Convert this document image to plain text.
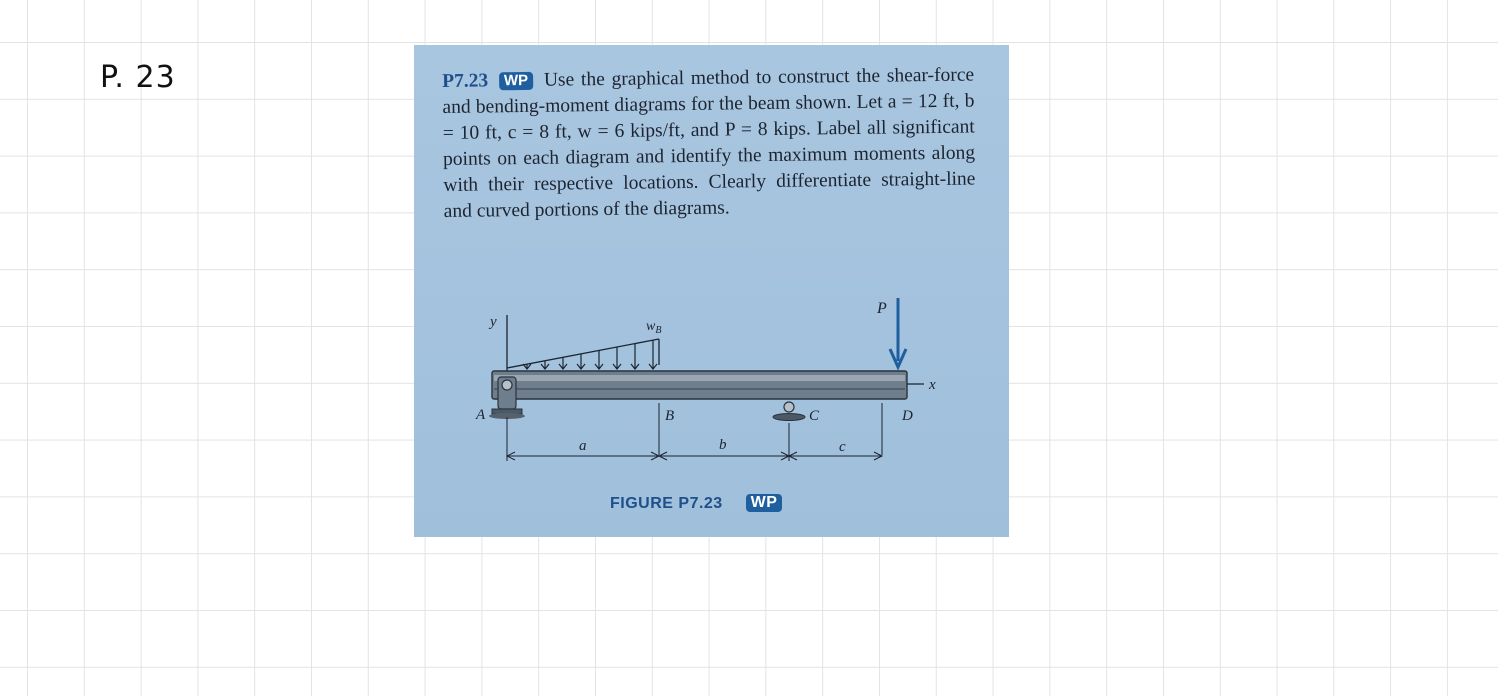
P. 23	P7.23 WP Use the graphical method to construct the shear-force and bending-moment diagrams for the beam shown. Let a = 12 ft, b = 10 ft, c = 8 ft, w = 6 kips/ft, and P = 8 kips. Label all significant points on each diagram and identify the maximum moments along with their respective locations. Clearly differentiate straight-line and curved portions of the diagrams.
y	$w_B$
x
A	C
B	D
P
a	b	c
FIGURE P7.23 WP
